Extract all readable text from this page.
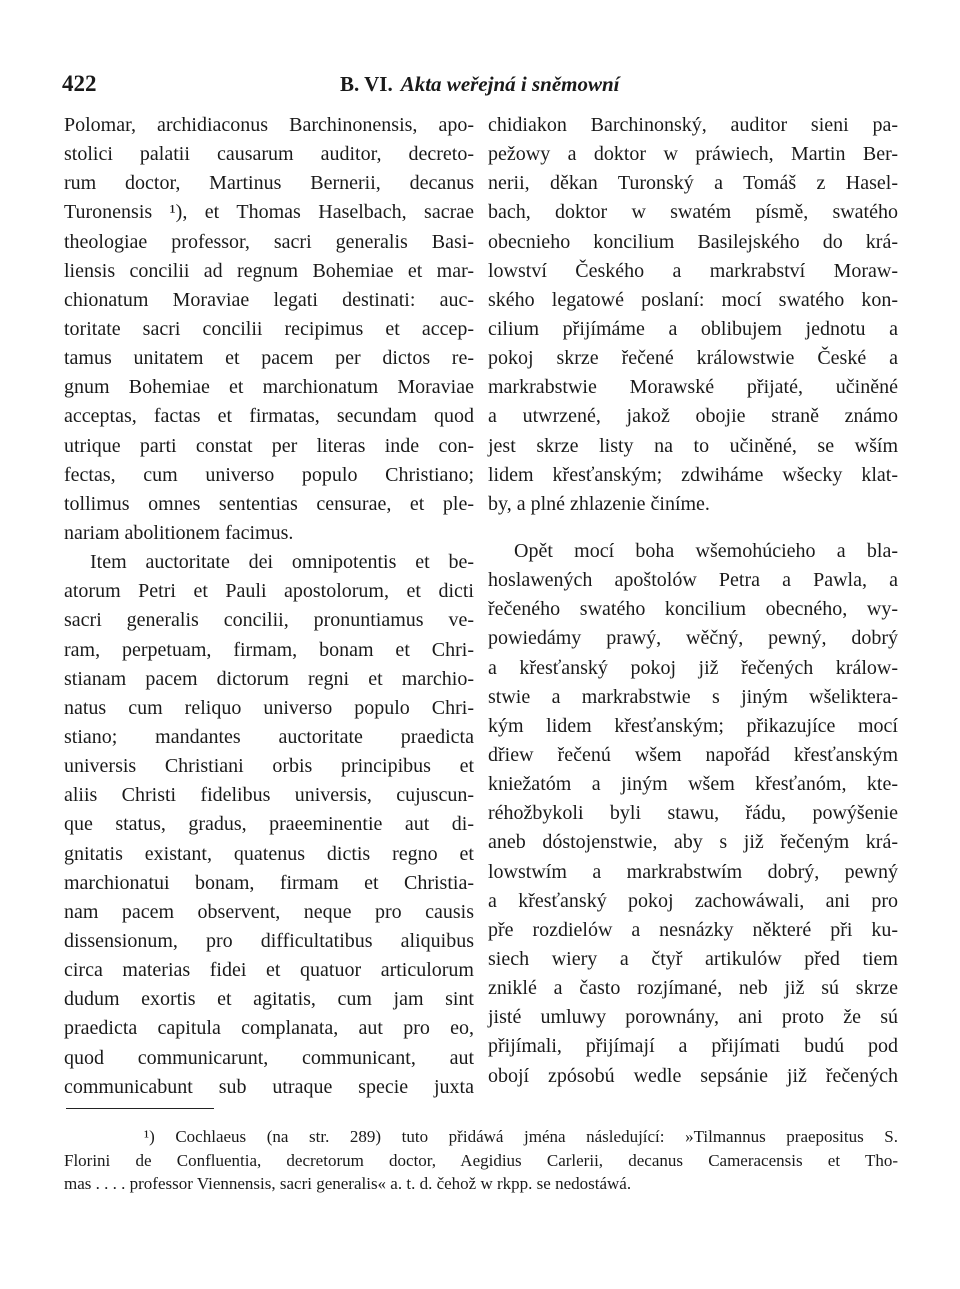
422	B. VI. Akta weřejná i sněmowní
Polomar, archidiaconus Barchinonensis, apo-
stolici palatii causarum auditor, decreto-
rum doctor, Martinus Bernerii, decanus
Turonensis ¹), et Thomas Haselbach, sacrae
theologiae professor, sacri generalis Basi-
liensis concilii ad regnum Bohemiae et mar-
chionatum Moraviae legati destinati: auc-
toritate sacri concilii recipimus et accep-
tamus unitatem et pacem per dictos re-
gnum Bohemiae et marchionatum Moraviae
acceptas, factas et firmatas, secundam quod
utrique parti constat per literas inde con-
fectas, cum universo populo Christiano;
tollimus omnes sententias censurae, et ple-
nariam abolitionem facimus.
Item auctoritate dei omnipotentis et be-
atorum Petri et Pauli apostolorum, et dicti
sacri generalis concilii, pronuntiamus ve-
ram, perpetuam, firmam, bonam et Chri-
stianam pacem dictorum regni et marchio-
natus cum reliquo universo populo Chri-
stiano; mandantes auctoritate praedicta
universis Christiani orbis principibus et
aliis Christi fidelibus universis, cujuscun-
que status, gradus, praeeminentie aut di-
gnitatis existant, quatenus dictis regno et
marchionatui bonam, firmam et Christia-
nam pacem observent, neque pro causis
dissensionum, pro difficultatibus aliquibus
circa materias fidei et quatuor articulorum
dudum exortis et agitatis, cum jam sint
praedicta capitula complanata, aut pro eo,
quod communicarunt, communicant, aut
communicabunt sub utraque specie juxta
chidiakon Barchinonský, auditor sieni pa-
pežowy a doktor w práwiech, Martin Ber-
nerii, děkan Turonský a Tomáš z Hasel-
bach, doktor w swatém písmě, swatého
obecnieho koncilium Basilejského do krá-
lowství Českého a markrabství Moraw-
ského legatowé poslaní: mocí swatého kon-
cilium přijímáme a oblibujem jednotu a
pokoj skrze řečené králowstwie České a
markrabstwie Morawské přijaté, učiněné
a utwrzené, jakož obojie straně známo
jest skrze listy na to učiněné, se wším
lidem křesťanským; zdwiháme wšecky klat-
by, a plné zhlazenie činíme.
Opět mocí boha wšemohúcieho a bla-
hoslawených apoštolów Petra a Pawla, a
řečeného swatého koncilium obecného, wy-
powiedámy prawý, wěčný, pewný, dobrý
a křesťanský pokoj již řečených králow-
stwie a markrabstwie s jiným wšeliktera-
kým lidem křesťanským; přikazujíce mocí
dřiew řečenú wšem napořád křesťanským
kniežatóm a jiným wšem křesťanóm, kte-
réhožbykoli byli stawu, řádu, powýšenie
aneb dóstojenstwie, aby s již řečeným krá-
lowstwím a markrabstwím dobrý, pewný
a křesťanský pokoj zachowáwali, ani pro
pře rozdielów a nesnázky některé při ku-
siech wiery a čtyř artikulów před tiem
zniklé a často rozjímané, neb již sú skrze
jisté umluwy porownány, ani proto že sú
přijímali, přijímají a přijímati budú pod
obojí zpósobú wedle sepsánie již řečených
¹) Cochlaeus (na str. 289) tuto přidáwá jména následující: »Tilmannus praepositus S.
Florini de Confluentia, decretorum doctor, Aegidius Carlerii, decanus Cameracensis et Tho-
mas . . . . professor Viennensis, sacri generalis« a. t. d. čehož w rkpp. se nedostáwá.
